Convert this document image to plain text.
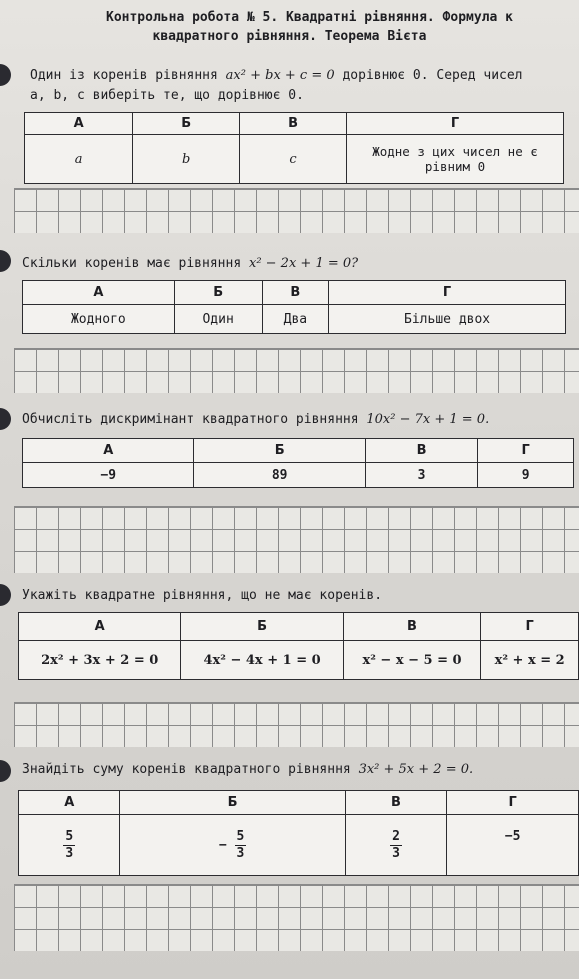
Контрольна робота № 5. Квадратні рівняння. Формула к
квадратного рівняння. Теорема Вієта
Один із коренів рівняння ax² + bx + c = 0 дорівнює 0. Серед чисел
a, b, c виберіть те, що дорівнює 0.
А	Б	В	Г
a	b	c	Жодне з цих чисел не є рівним 0
Скільки коренів має рівняння x² − 2x + 1 = 0?
А	Б	В	Г
Жодного	Один	Два	Більше двох
Обчисліть дискримінант квадратного рівняння 10x² − 7x + 1 = 0.
А	Б	В	Г
−9	89	3	9
Укажіть квадратне рівняння, що не має коренів.
А	Б	В	Г
2x² + 3x + 2 = 0	4x² − 4x + 1 = 0	x² − x − 5 = 0	x² + x = 2
Знайдіть суму коренів квадратного рівняння 3x² + 5x + 2 = 0.
А	Б	В	Г

$\frac{5}{3}$	− $\frac{5}{3}$	$\frac{2}{3}$	−5
